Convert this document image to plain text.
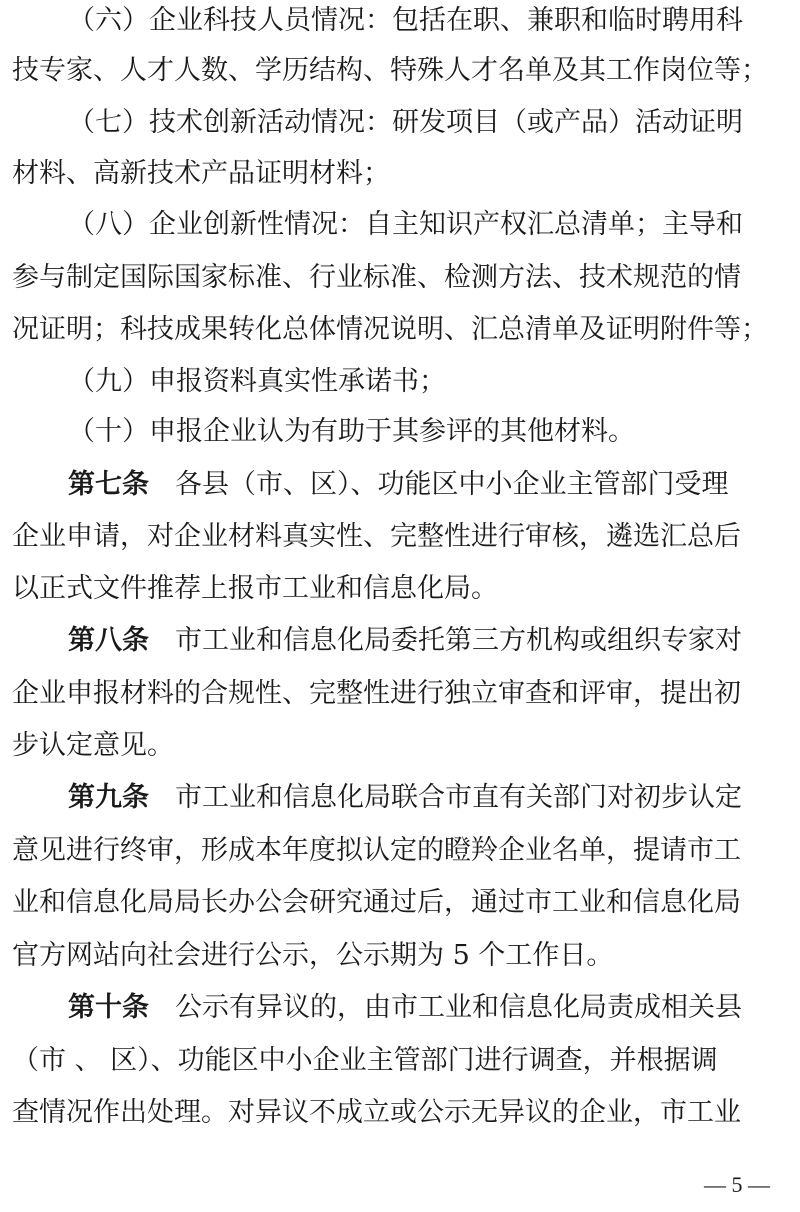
（六）企业科技人员情况：包括在职、兼职和临时聘用科
技专家、人才人数、学历结构、特殊人才名单及其工作岗位等；
（七）技术创新活动情况：研发项目（或产品）活动证明
材料、高新技术产品证明材料；
（八）企业创新性情况：自主知识产权汇总清单；主导和
参与制定国际国家标准、行业标准、检测方法、技术规范的情
况证明；科技成果转化总体情况说明、汇总清单及证明附件等；
（九）申报资料真实性承诺书；
（十）申报企业认为有助于其参评的其他材料。
第七条 各县（市、区）、功能区中小企业主管部门受理
企业申请，对企业材料真实性、完整性进行审核，遴选汇总后
以正式文件推荐上报市工业和信息化局。
第八条 市工业和信息化局委托第三方机构或组织专家对
企业申报材料的合规性、完整性进行独立审查和评审，提出初
步认定意见。
第九条 市工业和信息化局联合市直有关部门对初步认定
意见进行终审，形成本年度拟认定的瞪羚企业名单，提请市工
业和信息化局局长办公会研究通过后，通过市工业和信息化局
官方网站向社会进行公示，公示期为 5 个工作日。
第十条 公示有异议的，由市工业和信息化局责成相关县
（市 、 区）、功能区中小企业主管部门进行调查，并根据调
查情况作出处理。对异议不成立或公示无异议的企业，市工业
— 5 —
